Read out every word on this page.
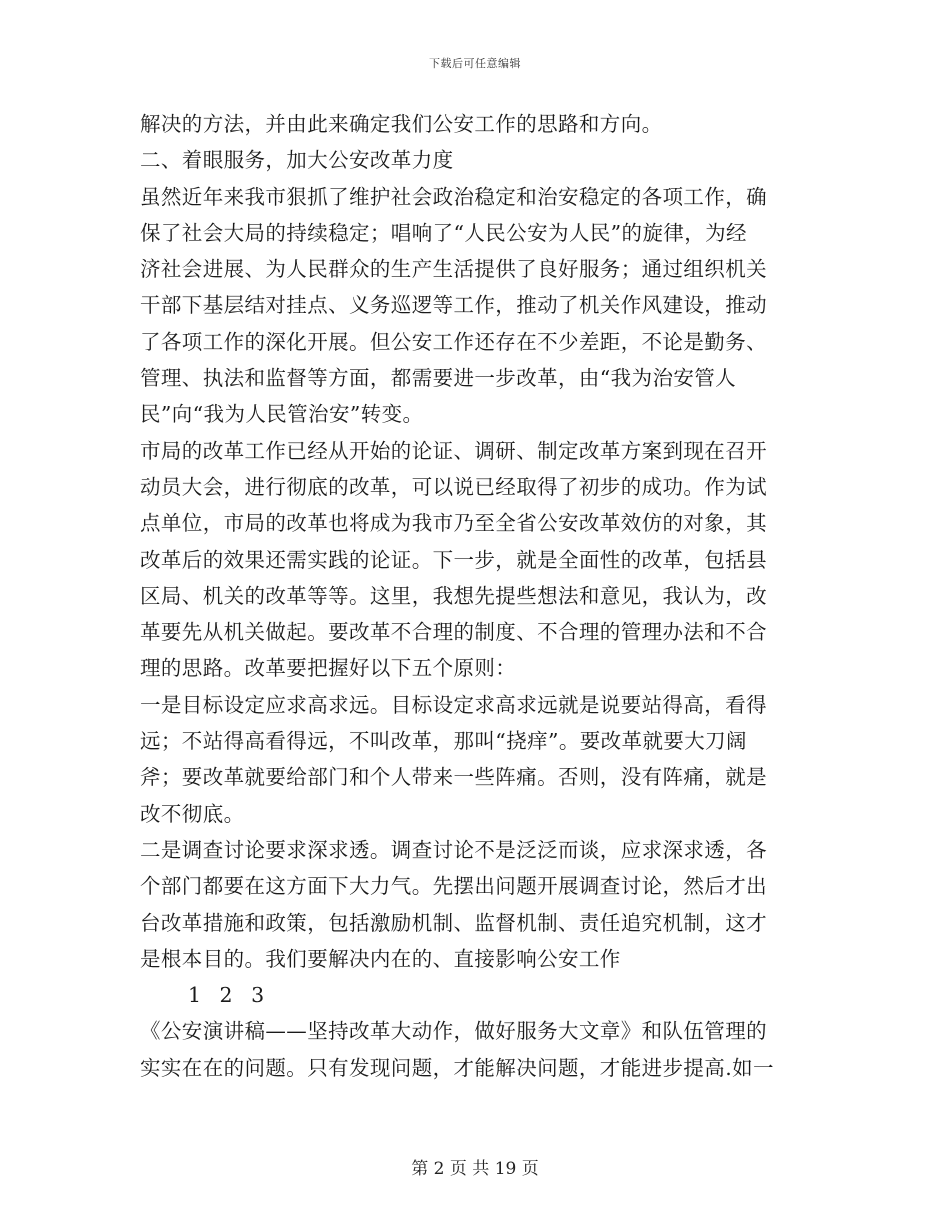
下载后可任意编辑
解决的方法，并由此来确定我们公安工作的思路和方向。
二、着眼服务，加大公安改革力度
虽然近年来我市狠抓了维护社会政治稳定和治安稳定的各项工作，确
保了社会大局的持续稳定；唱响了“人民公安为人民”的旋律，为经
济社会进展、为人民群众的生产生活提供了良好服务；通过组织机关
干部下基层结对挂点、义务巡逻等工作，推动了机关作风建设，推动
了各项工作的深化开展。但公安工作还存在不少差距，不论是勤务、
管理、执法和监督等方面，都需要进一步改革，由“我为治安管人
民”向“我为人民管治安”转变。
市局的改革工作已经从开始的论证、调研、制定改革方案到现在召开
动员大会，进行彻底的改革，可以说已经取得了初步的成功。作为试
点单位，市局的改革也将成为我市乃至全省公安改革效仿的对象，其
改革后的效果还需实践的论证。下一步，就是全面性的改革，包括县
区局、机关的改革等等。这里，我想先提些想法和意见，我认为，改
革要先从机关做起。要改革不合理的制度、不合理的管理办法和不合
理的思路。改革要把握好以下五个原则：
一是目标设定应求高求远。目标设定求高求远就是说要站得高，看得
远；不站得高看得远，不叫改革，那叫“挠痒”。要改革就要大刀阔
斧；要改革就要给部门和个人带来一些阵痛。否则，没有阵痛，就是
改不彻底。
二是调查讨论要求深求透。调查讨论不是泛泛而谈，应求深求透，各
个部门都要在这方面下大力气。先摆出问题开展调查讨论，然后才出
台改革措施和政策，包括激励机制、监督机制、责任追究机制，这才
是根本目的。我们要解决内在的、直接影响公安工作
1 2 3
《公安演讲稿——坚持改革大动作，做好服务大文章》和队伍管理的
实实在在的问题。只有发现问题，才能解决问题，才能进步提高.如一
第 2 页 共 19 页
